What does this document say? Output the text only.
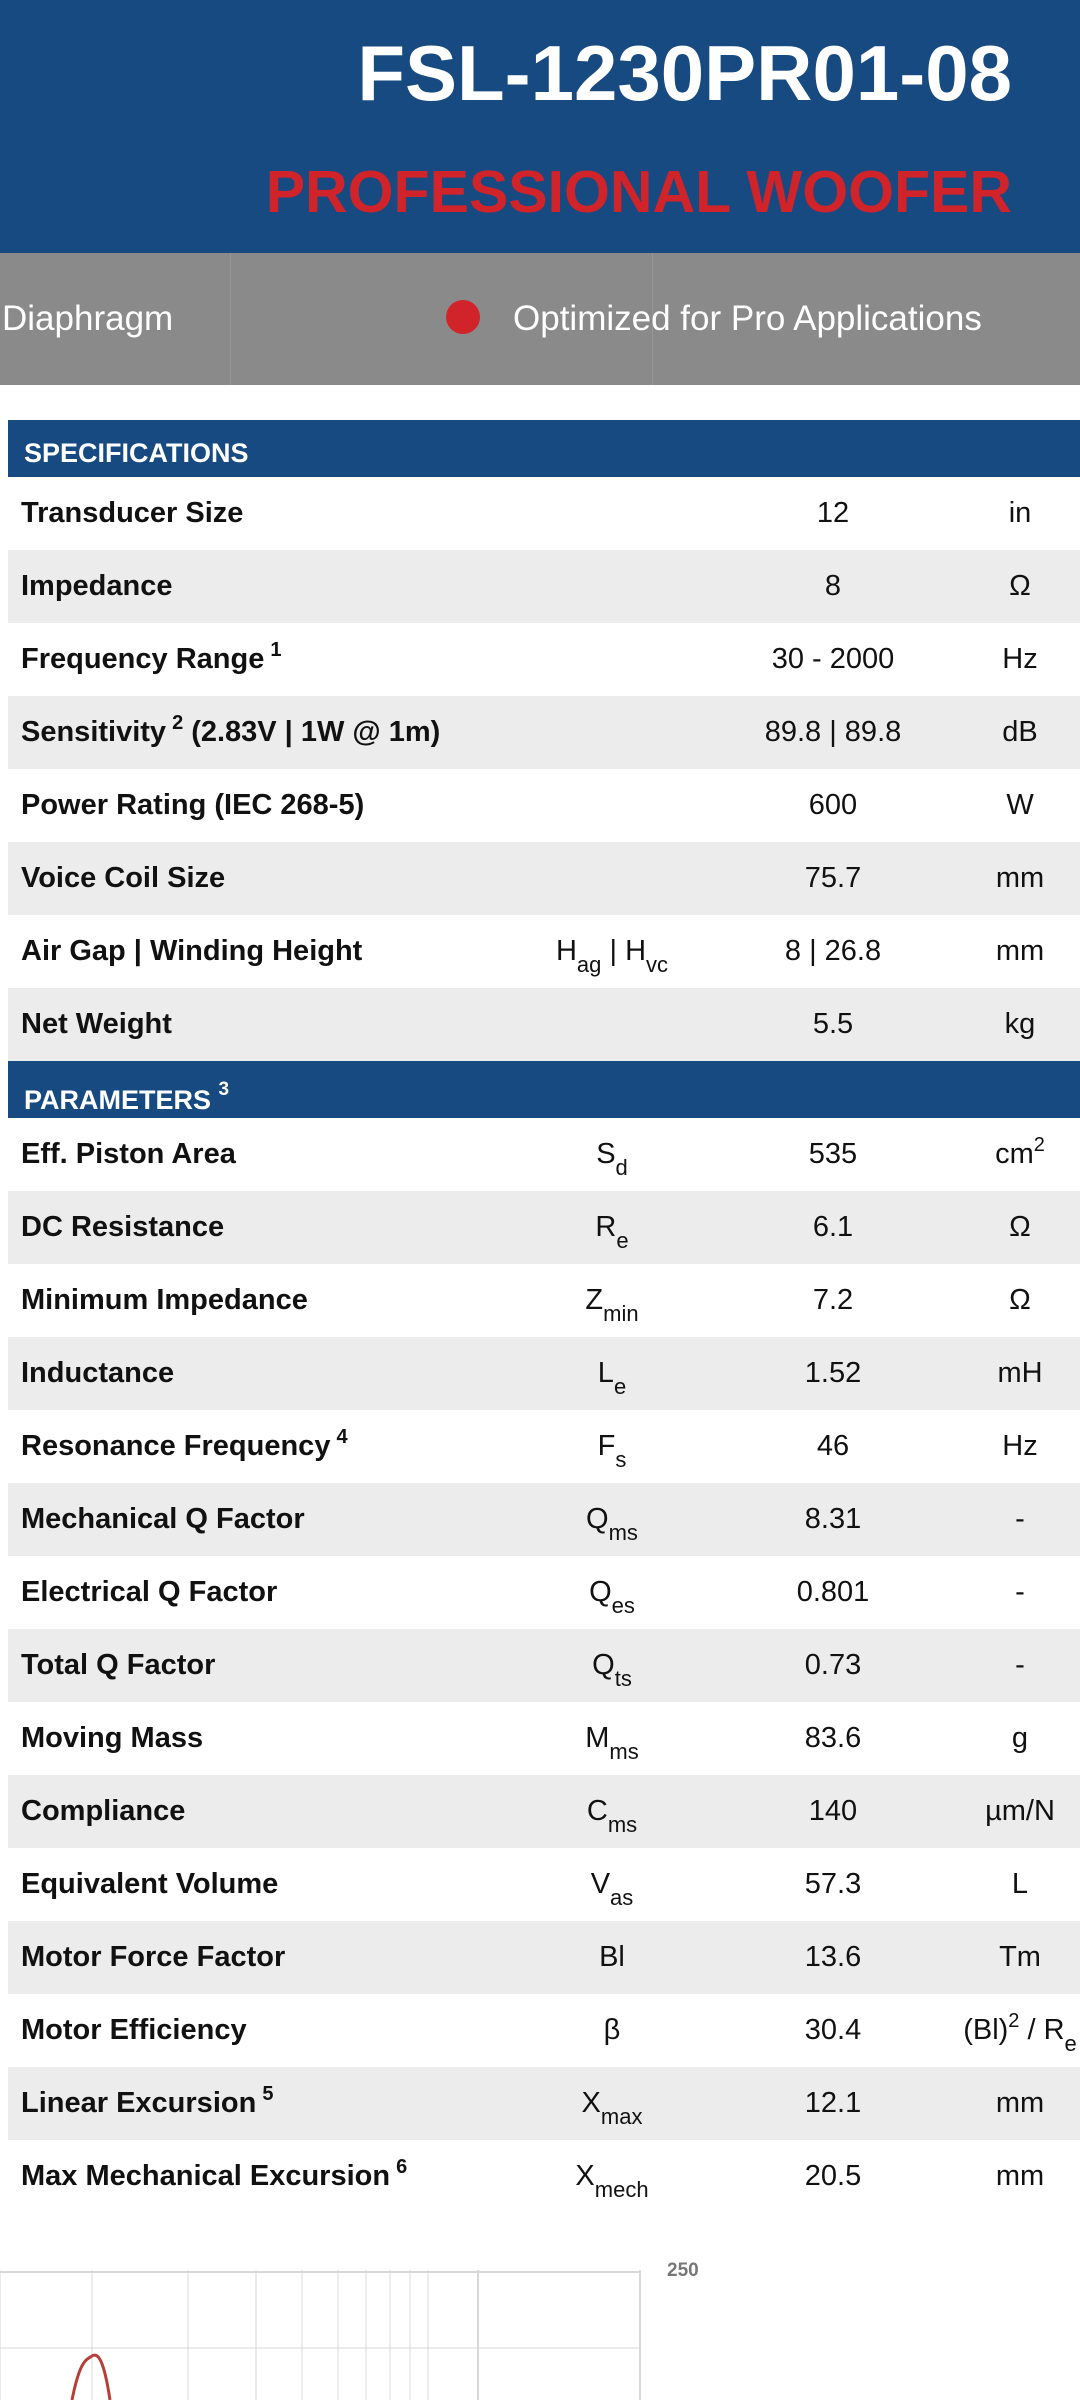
FSL-1230PR01-08
PROFESSIONAL WOOFER
Diaphragm	Optimized for Pro Applications
SPECIFICATIONS
Transducer Size	12	in
Impedance	8	Ω
Frequency Range $^1$	30 - 2000	Hz
Sensitivity $^2$ (2.83V | 1W @ 1m)	89.8 | 89.8	dB
Power Rating (IEC 268-5)	600	W
Voice Coil Size	75.7	mm
Air Gap | Winding Height	$H_{ag}$ | $H_{vc}$	8 | 26.8	mm
Net Weight	5.5	kg
PARAMETERS $^3$
Eff. Piston Area	$S_d$	535	$cm^2$
DC Resistance	$R_e$	6.1	Ω
Minimum Impedance	$Z_{min}$	7.2	Ω
Inductance	$L_e$	1.52	mH
Resonance Frequency $^4$	$F_s$	46	Hz
Mechanical Q Factor	$Q_{ms}$	8.31	-
Electrical Q Factor	$Q_{es}$	0.801	-
Total Q Factor	$Q_{ts}$	0.73	-
Moving Mass	$M_{ms}$	83.6	g
Compliance	$C_{ms}$	140	µm/N
Equivalent Volume	$V_{as}$	57.3	L
Motor Force Factor	Bl	13.6	Tm
Motor Efficiency	β	30.4	$(Bl)^2 / R_e$
Linear Excursion $^5$	$X_{max}$	12.1	mm
Max Mechanical Excursion $^6$	$X_{mech}$	20.5	mm
250
